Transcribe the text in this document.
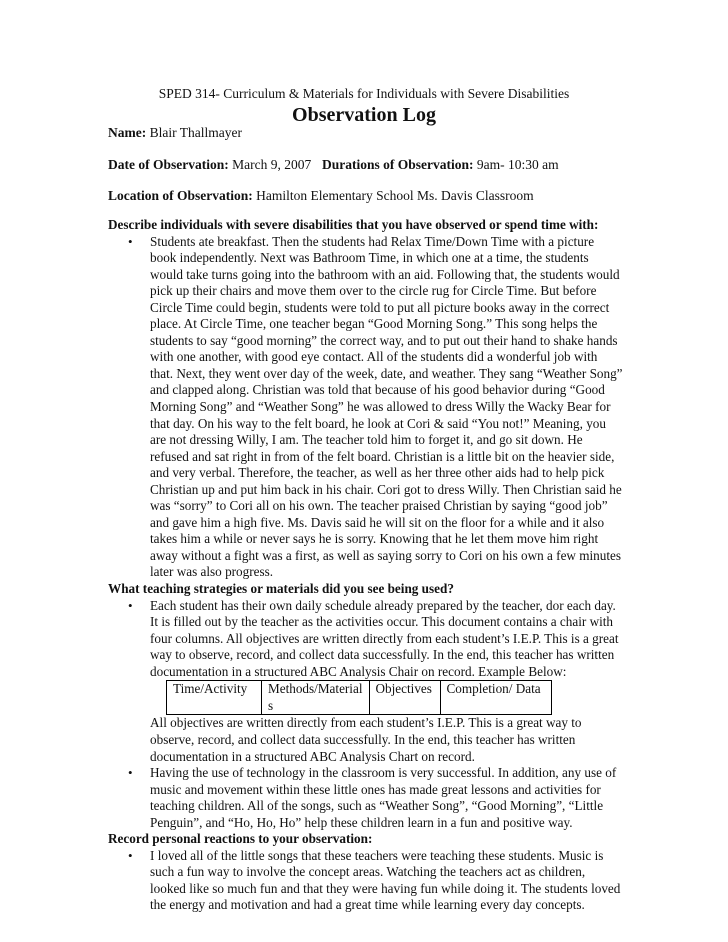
SPED 314- Curriculum & Materials for Individuals with Severe Disabilities
Observation Log
Name: Blair Thallmayer
Date of Observation: March 9, 2007 Durations of Observation: 9am- 10:30 am
Location of Observation: Hamilton Elementary School Ms. Davis Classroom

Describe individuals with severe disabilities that you have observed or spend time with:

•	Students ate breakfast. Then the students had Relax Time/Down Time with a picture
book independently. Next was Bathroom Time, in which one at a time, the students
would take turns going into the bathroom with an aid. Following that, the students would
pick up their chairs and move them over to the circle rug for Circle Time. But before
Circle Time could begin, students were told to put all picture books away in the correct
place. At Circle Time, one teacher began “Good Morning Song.” This song helps the
students to say “good morning” the correct way, and to put out their hand to shake hands
with one another, with good eye contact. All of the students did a wonderful job with
that. Next, they went over day of the week, date, and weather. They sang “Weather Song”
and clapped along. Christian was told that because of his good behavior during “Good
Morning Song” and “Weather Song” he was allowed to dress Willy the Wacky Bear for
that day. On his way to the felt board, he look at Cori & said “You not!” Meaning, you
are not dressing Willy, I am. The teacher told him to forget it, and go sit down. He
refused and sat right in from of the felt board. Christian is a little bit on the heavier side,
and very verbal. Therefore, the teacher, as well as her three other aids had to help pick
Christian up and put him back in his chair. Cori got to dress Willy. Then Christian said he
was “sorry” to Cori all on his own. The teacher praised Christian by saying “good job”
and gave him a high five. Ms. Davis said he will sit on the floor for a while and it also
takes him a while or never says he is sorry. Knowing that he let them move him right
away without a fight was a first, as well as saying sorry to Cori on his own a few minutes
later was also progress.

What teaching strategies or materials did you see being used?

•	Each student has their own daily schedule already prepared by the teacher, dor each day.
It is filled out by the teacher as the activities occur. This document contains a chair with
four columns. All objectives are written directly from each student’s I.E.P. This is a great
way to observe, record, and collect data successfully. In the end, this teacher has written
documentation in a structured ABC Analysis Chair on record. Example Below:
Time/Activity	Methods/Material s	Objectives	Completion/ Data
All objectives are written directly from each student’s I.E.P. This is a great way to
observe, record, and collect data successfully. In the end, this teacher has written
documentation in a structured ABC Analysis Chart on record.
•	Having the use of technology in the classroom is very successful. In addition, any use of
music and movement within these little ones has made great lessons and activities for
teaching children. All of the songs, such as “Weather Song”, “Good Morning”, “Little
Penguin”, and “Ho, Ho, Ho” help these children learn in a fun and positive way.

Record personal reactions to your observation:

•	I loved all of the little songs that these teachers were teaching these students. Music is
such a fun way to involve the concept areas. Watching the teachers act as children,
looked like so much fun and that they were having fun while doing it. The students loved
the energy and motivation and had a great time while learning every day concepts.
